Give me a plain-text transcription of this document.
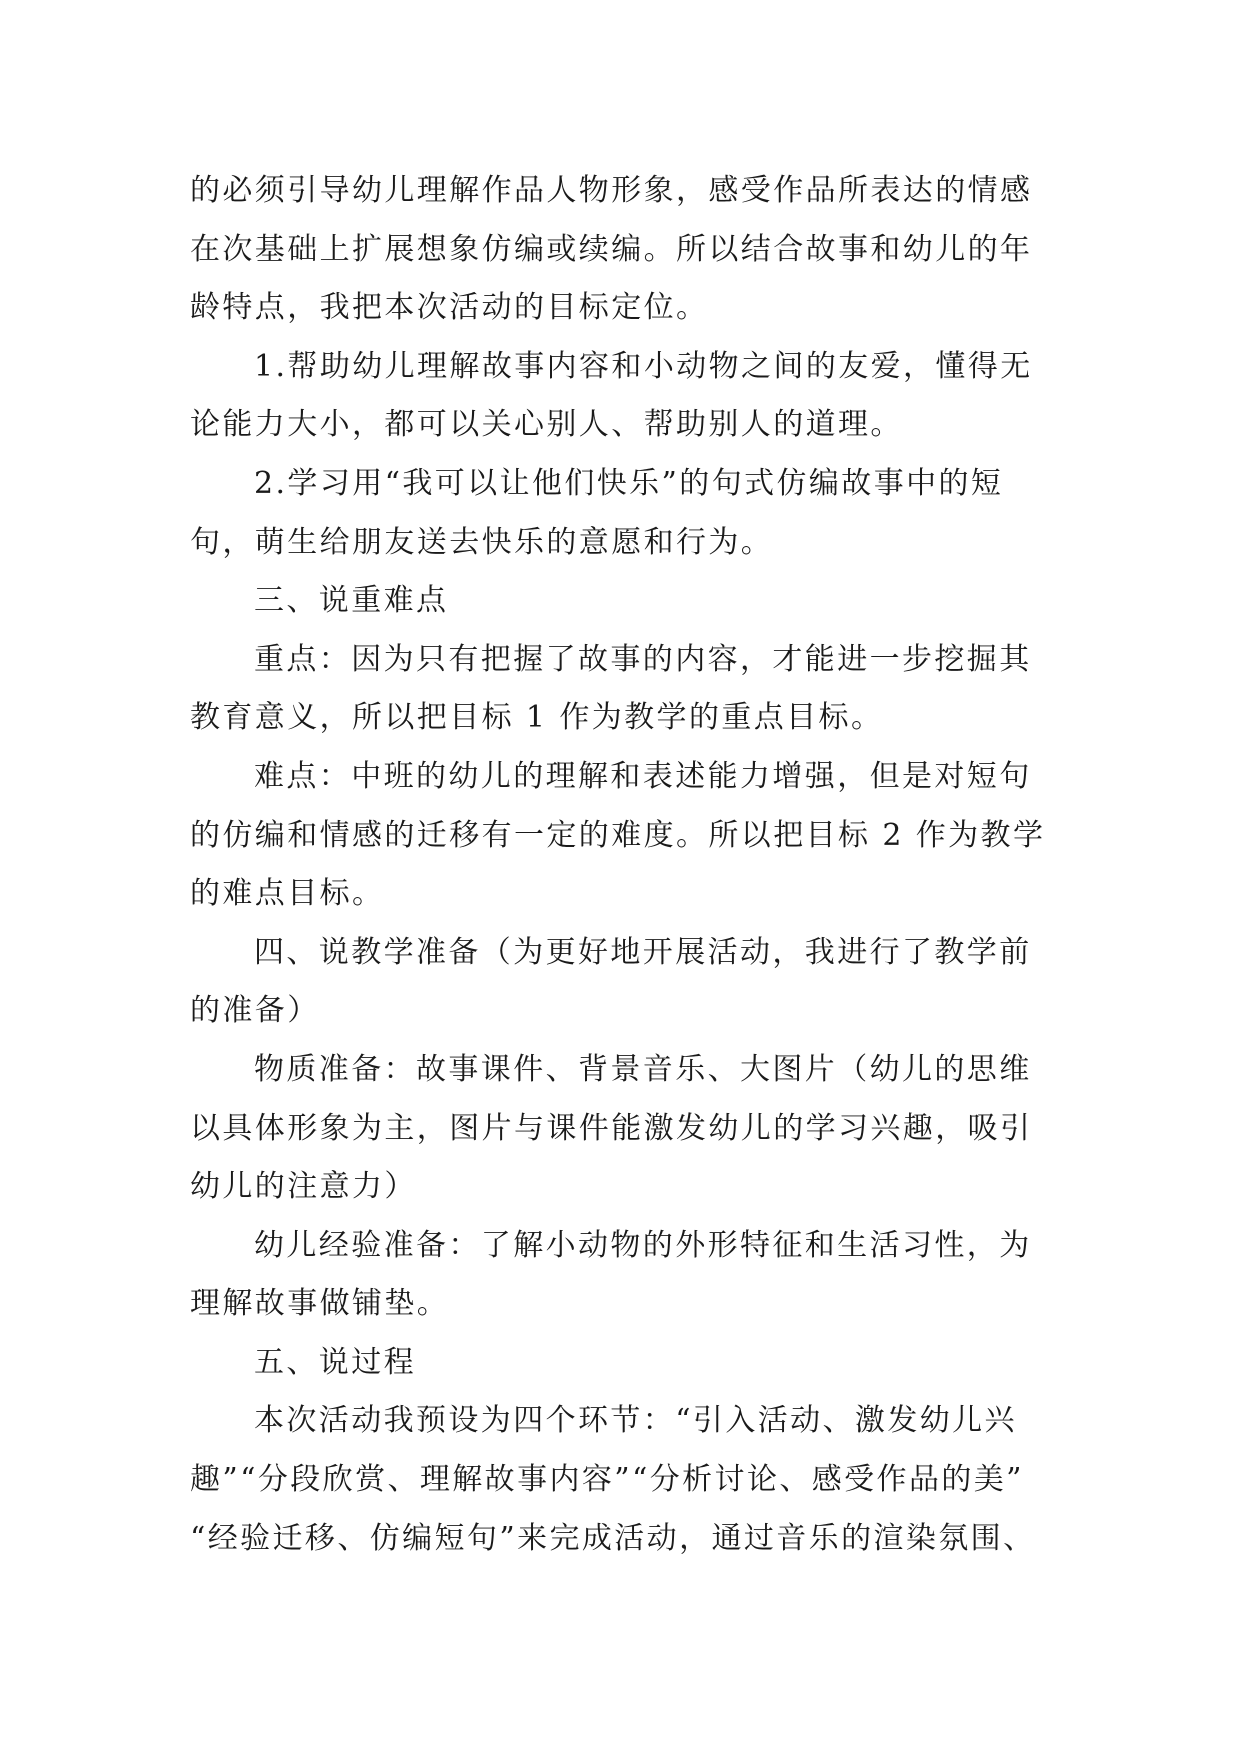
的必须引导幼儿理解作品人物形象，感受作品所表达的情感
在次基础上扩展想象仿编或续编。所以结合故事和幼儿的年
龄特点，我把本次活动的目标定位。
1.帮助幼儿理解故事内容和小动物之间的友爱，懂得无
论能力大小，都可以关心别人、帮助别人的道理。
2.学习用“我可以让他们快乐”的句式仿编故事中的短
句，萌生给朋友送去快乐的意愿和行为。
三、说重难点
重点：因为只有把握了故事的内容，才能进一步挖掘其
教育意义，所以把目标 1 作为教学的重点目标。
难点：中班的幼儿的理解和表述能力增强，但是对短句
的仿编和情感的迁移有一定的难度。所以把目标 2 作为教学
的难点目标。
四、说教学准备（为更好地开展活动，我进行了教学前
的准备）
物质准备：故事课件、背景音乐、大图片（幼儿的思维
以具体形象为主，图片与课件能激发幼儿的学习兴趣，吸引
幼儿的注意力）
幼儿经验准备：了解小动物的外形特征和生活习性，为
理解故事做铺垫。
五、说过程
本次活动我预设为四个环节：“引入活动、激发幼儿兴
趣”“分段欣赏、理解故事内容”“分析讨论、感受作品的美”
“经验迁移、仿编短句”来完成活动，通过音乐的渲染氛围、
